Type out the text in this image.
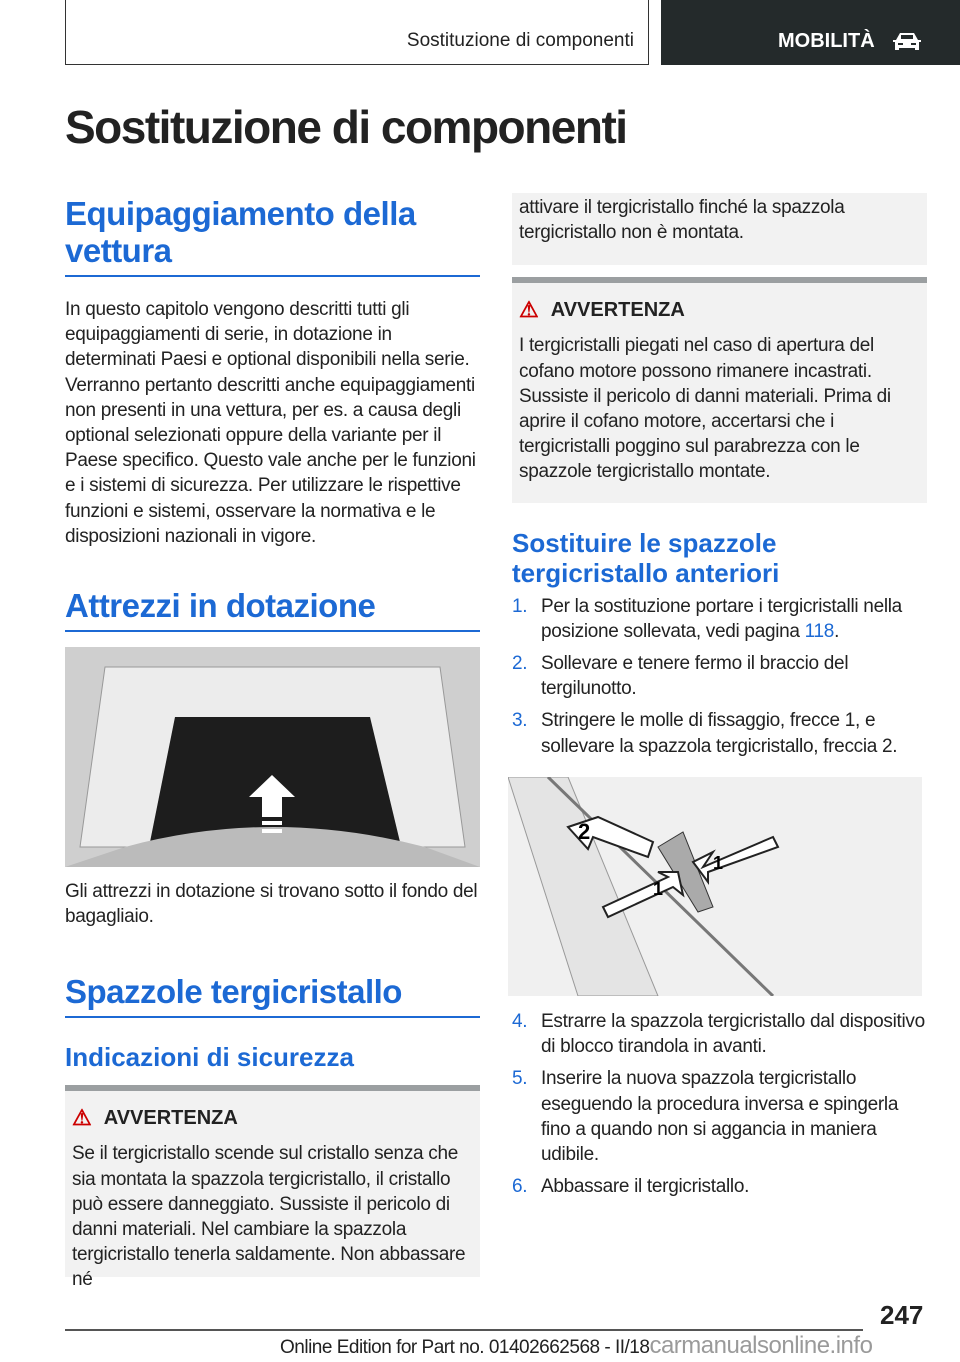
Sostituzione di componenti	MOBILITÀ
Sostituzione di componenti
Equipaggiamento della vettura

In questo capitolo vengono descritti tutti gli equipaggiamenti di serie, in dotazione in determinati Paesi e optional disponibili nella serie. Verranno pertanto descritti anche equipaggiamenti non presenti in una vettura, per es. a causa degli optional selezionati oppure della variante per il Paese specifico. Questo vale anche per le funzioni e i sistemi di sicurezza. Per utilizzare le rispettive funzioni e sistemi, osservare la normativa e le disposizioni nazionali in vigore.

Attrezzi in dotazione

Gli attrezzi in dotazione si trovano sotto il fondo del bagagliaio.

Spazzole tergicristallo
Indicazioni di sicurezza
⚠ AVVERTENZA

Se il tergicristallo scende sul cristallo senza che sia montata la spazzola tergicristallo, il cristallo può essere danneggiato. Sussiste il pericolo di danni materiali. Nel cambiare la spazzola tergicristallo tenerla saldamente. Non abbassare né

attivare il tergicristallo finché la spazzola tergicristallo non è montata.

⚠ AVVERTENZA

I tergicristalli piegati nel caso di apertura del cofano motore possono rimanere incastrati. Sussiste il pericolo di danni materiali. Prima di aprire il cofano motore, accertarsi che i tergicristalli poggino sul parabrezza con le spazzole tergicristallo montate.

Sostituire le spazzole tergicristallo anteriori
1. Per la sostituzione portare i tergicristalli nella posizione sollevata, vedi pagina 118.
2. Sollevare e tenere fermo il braccio del tergilunotto.
3. Stringere le molle di fissaggio, frecce 1, e sollevare la spazzola tergicristallo, freccia 2.
2
1
1
4. Estrarre la spazzola tergicristallo dal dispositivo di blocco tirandola in avanti.
5. Inserire la nuova spazzola tergicristallo eseguendo la procedura inversa e spingerla fino a quando non si aggancia in maniera udibile.
6. Abbassare il tergicristallo.
247
Online Edition for Part no. 01402662568 - II/18carmanualsonline.info
